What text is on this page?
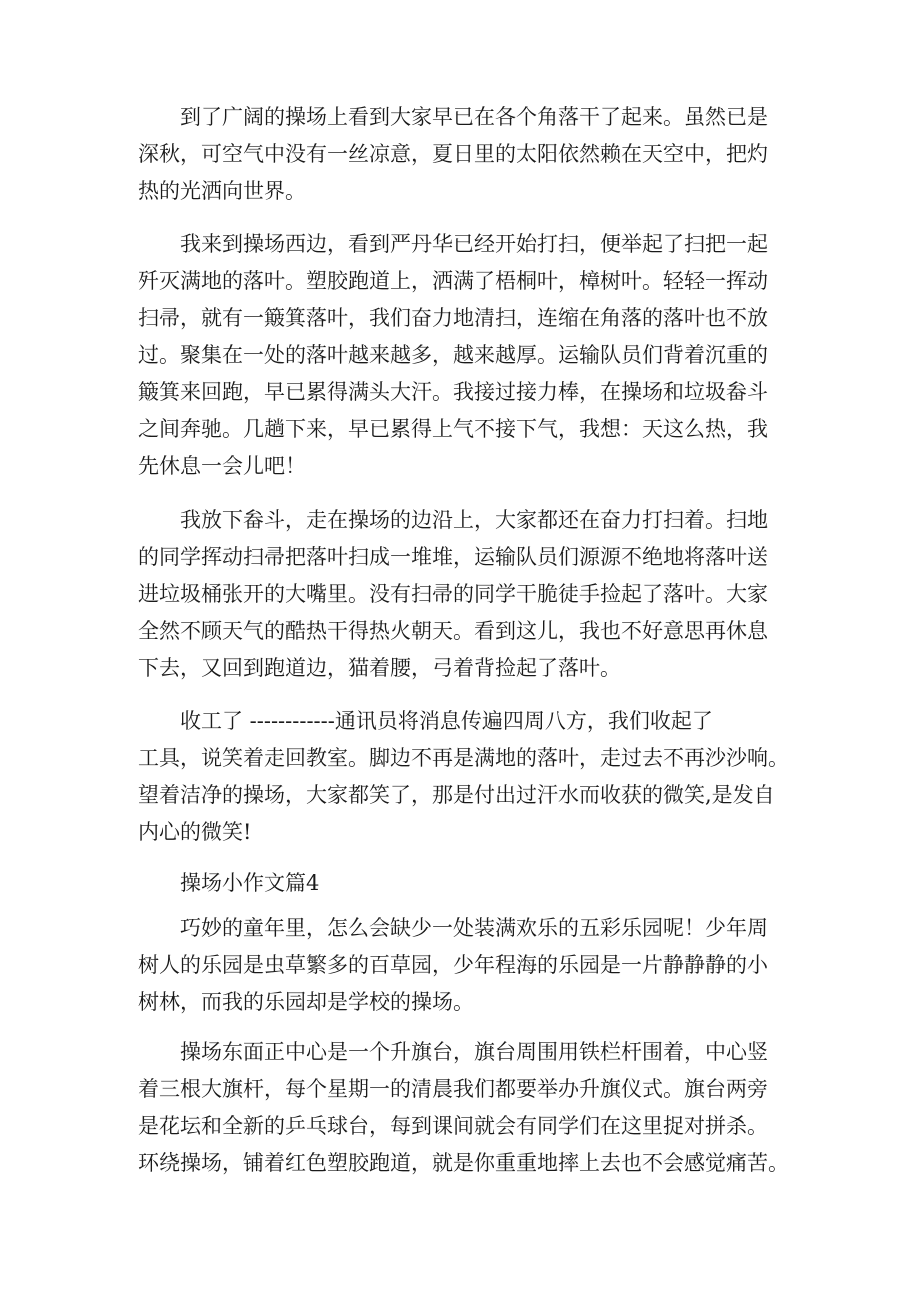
到了广阔的操场上看到大家早已在各个角落干了起来。虽然已是
深秋，可空气中没有一丝凉意，夏日里的太阳依然赖在天空中，把灼
热的光洒向世界。

我来到操场西边，看到严丹华已经开始打扫，便举起了扫把一起
歼灭满地的落叶。塑胶跑道上，洒满了梧桐叶，樟树叶。轻轻一挥动
扫帚，就有一簸箕落叶，我们奋力地清扫，连缩在角落的落叶也不放
过。聚集在一处的落叶越来越多，越来越厚。运输队员们背着沉重的
簸箕来回跑，早已累得满头大汗。我接过接力棒，在操场和垃圾畚斗
之间奔驰。几趟下来，早已累得上气不接下气，我想：天这么热，我
先休息一会儿吧！

我放下畚斗，走在操场的边沿上，大家都还在奋力打扫着。扫地
的同学挥动扫帚把落叶扫成一堆堆，运输队员们源源不绝地将落叶送
进垃圾桶张开的大嘴里。没有扫帚的同学干脆徒手捡起了落叶。大家
全然不顾天气的酷热干得热火朝天。看到这儿，我也不好意思再休息
下去，又回到跑道边，猫着腰，弓着背捡起了落叶。

收工了 ------------通讯员将消息传遍四周八方，我们收起了
工具，说笑着走回教室。脚边不再是满地的落叶，走过去不再沙沙响。
望着洁净的操场，大家都笑了，那是付出过汗水而收获的微笑,是发自
内心的微笑!

操场小作文篇4

巧妙的童年里，怎么会缺少一处装满欢乐的五彩乐园呢！少年周
树人的乐园是虫草繁多的百草园，少年程海的乐园是一片静静静的小
树林，而我的乐园却是学校的操场。

操场东面正中心是一个升旗台，旗台周围用铁栏杆围着，中心竖
着三根大旗杆，每个星期一的清晨我们都要举办升旗仪式。旗台两旁
是花坛和全新的乒乓球台，每到课间就会有同学们在这里捉对拼杀。
环绕操场，铺着红色塑胶跑道，就是你重重地摔上去也不会感觉痛苦。
